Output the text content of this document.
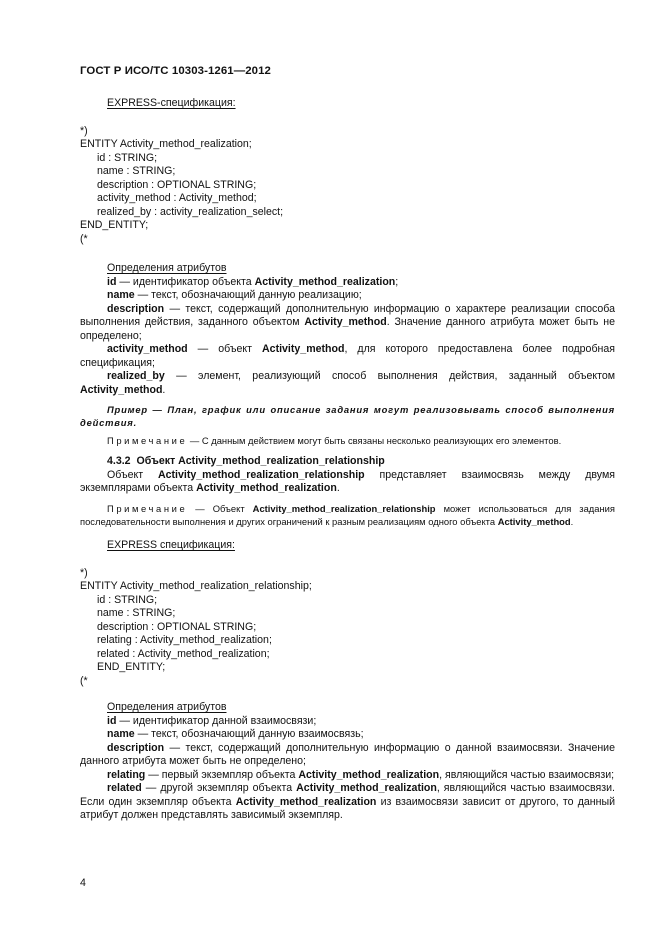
ГОСТ Р ИСО/ТС 10303-1261—2012

EXPRESS-спецификация:

*)

ENTITY Activity_method_realization;

id : STRING;

name : STRING;

description : OPTIONAL STRING;

activity_method : Activity_method;

realized_by : activity_realization_select;

END_ENTITY;

(*

Определения атрибутов

id — идентификатор объекта Activity_method_realization;

name — текст, обозначающий данную реализацию;

description — текст, содержащий дополнительную информацию о характере реализации способа выполнения действия, заданного объектом Activity_method. Значение данного атрибута может быть не определено;

activity_method — объект Activity_method, для которого предоставлена более подробная спецификация;

realized_by — элемент, реализующий способ выполнения действия, заданный объектом Activity_method.

Пример — План, график или описание задания могут реализовывать способ выполнения действия.

Примечание — С данным действием могут быть связаны несколько реализующих его элементов.

4.3.2 Объект Activity_method_realization_relationship

Объект Activity_method_realization_relationship представляет взаимосвязь между двумя экземплярами объекта Activity_method_realization.

Примечание — Объект Activity_method_realization_relationship может использоваться для задания последовательности выполнения и других ограничений к разным реализациям одного объекта Activity_method.

EXPRESS спецификация:

*)

ENTITY Activity_method_realization_relationship;

id : STRING;

name : STRING;

description : OPTIONAL STRING;

relating : Activity_method_realization;

related : Activity_method_realization;

END_ENTITY;

(*

Определения атрибутов

id — идентификатор данной взаимосвязи;

name — текст, обозначающий данную взаимосвязь;

description — текст, содержащий дополнительную информацию о данной взаимосвязи. Значение данного атрибута может быть не определено;

relating — первый экземпляр объекта Activity_method_realization, являющийся частью взаимосвязи;

related — другой экземпляр объекта Activity_method_realization, являющийся частью взаимосвязи. Если один экземпляр объекта Activity_method_realization из взаимосвязи зависит от другого, то данный атрибут должен представлять зависимый экземпляр.

4
